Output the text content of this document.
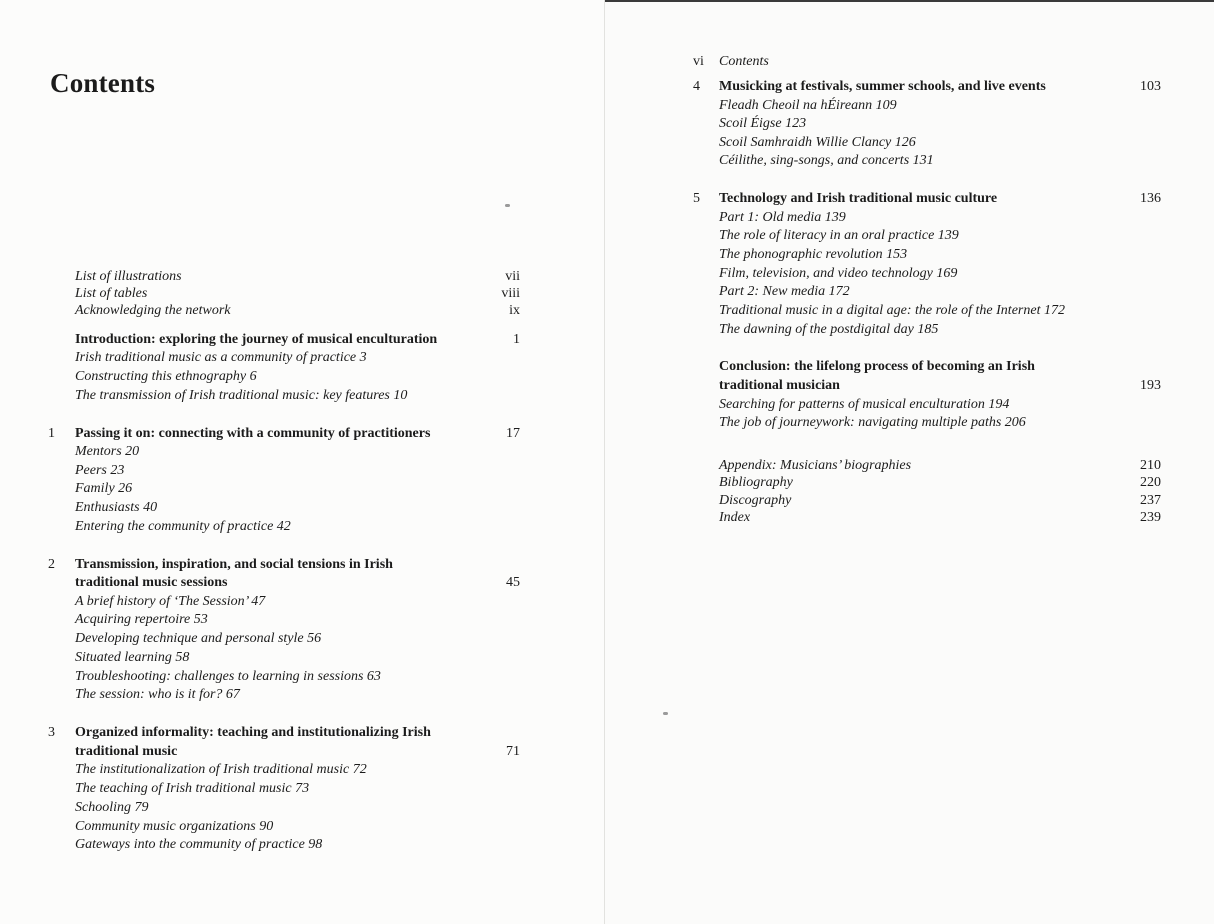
Contents
List of illustrations	vii
List of tables	viii
Acknowledging the network	ix
Introduction: exploring the journey of musical enculturation	1
Irish traditional music as a community of practice 3
Constructing this ethnography 6
The transmission of Irish traditional music: key features 10
1 Passing it on: connecting with a community of practitioners	17
Mentors 20
Peers 23
Family 26
Enthusiasts 40
Entering the community of practice 42
2 Transmission, inspiration, and social tensions in Irish
traditional music sessions	45
A brief history of ‘The Session’ 47
Acquiring repertoire 53
Developing technique and personal style 56
Situated learning 58
Troubleshooting: challenges to learning in sessions 63
The session: who is it for? 67
3 Organized informality: teaching and institutionalizing Irish
traditional music	71
The institutionalization of Irish traditional music 72
The teaching of Irish traditional music 73
Schooling 79
Community music organizations 90
Gateways into the community of practice 98
vi Contents
4 Musicking at festivals, summer schools, and live events	103
Fleadh Cheoil na hÉireann 109
Scoil Éigse 123
Scoil Samhraidh Willie Clancy 126
Céilithe, sing-songs, and concerts 131
5 Technology and Irish traditional music culture	136
Part 1: Old media 139
The role of literacy in an oral practice 139
The phonographic revolution 153
Film, television, and video technology 169
Part 2: New media 172
Traditional music in a digital age: the role of the Internet 172
The dawning of the postdigital day 185
Conclusion: the lifelong process of becoming an Irish
traditional musician	193
Searching for patterns of musical enculturation 194
The job of journeywork: navigating multiple paths 206
Appendix: Musicians’ biographies	210
Bibliography	220
Discography	237
Index	239
